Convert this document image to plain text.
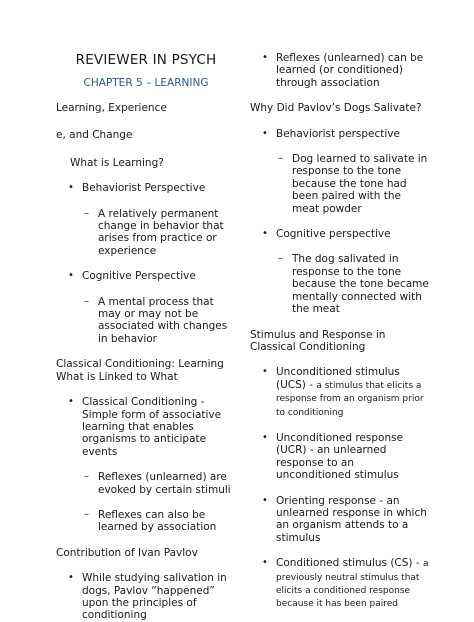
REVIEWER IN PSYCH

CHAPTER 5 – LEARNING

Learning, Experience

e, and Change

What is Learning?

• Behaviorist Perspective
– A relatively permanent change in behavior that arises from practice or experience
• Cognitive Perspective
– A mental process that may or may not be associated with changes in behavior

Classical Conditioning: Learning What is Linked to What

• Classical Conditioning - Simple form of associative learning that enables organisms to anticipate events
– Reflexes (unlearned) are evoked by certain stimuli
– Reflexes can also be learned by association

Contribution of Ivan Pavlov

• While studying salivation in dogs, Pavlov “happened” upon the principles of conditioning
• Reflexes (unlearned) can be learned (or conditioned) through association

Why Did Pavlov’s Dogs Salivate?

• Behaviorist perspective
– Dog learned to salivate in response to the tone because the tone had been paired with the meat powder
• Cognitive perspective
– The dog salivated in response to the tone because the tone became mentally connected with the meat

Stimulus and Response in Classical Conditioning

• Unconditioned stimulus (UCS) - a stimulus that elicits a response from an organism prior to conditioning
• Unconditioned response (UCR) - an unlearned response to an unconditioned stimulus
• Orienting response - an unlearned response in which an organism attends to a stimulus
• Conditioned stimulus (CS) - a previously neutral stimulus that elicits a conditioned response because it has been paired
